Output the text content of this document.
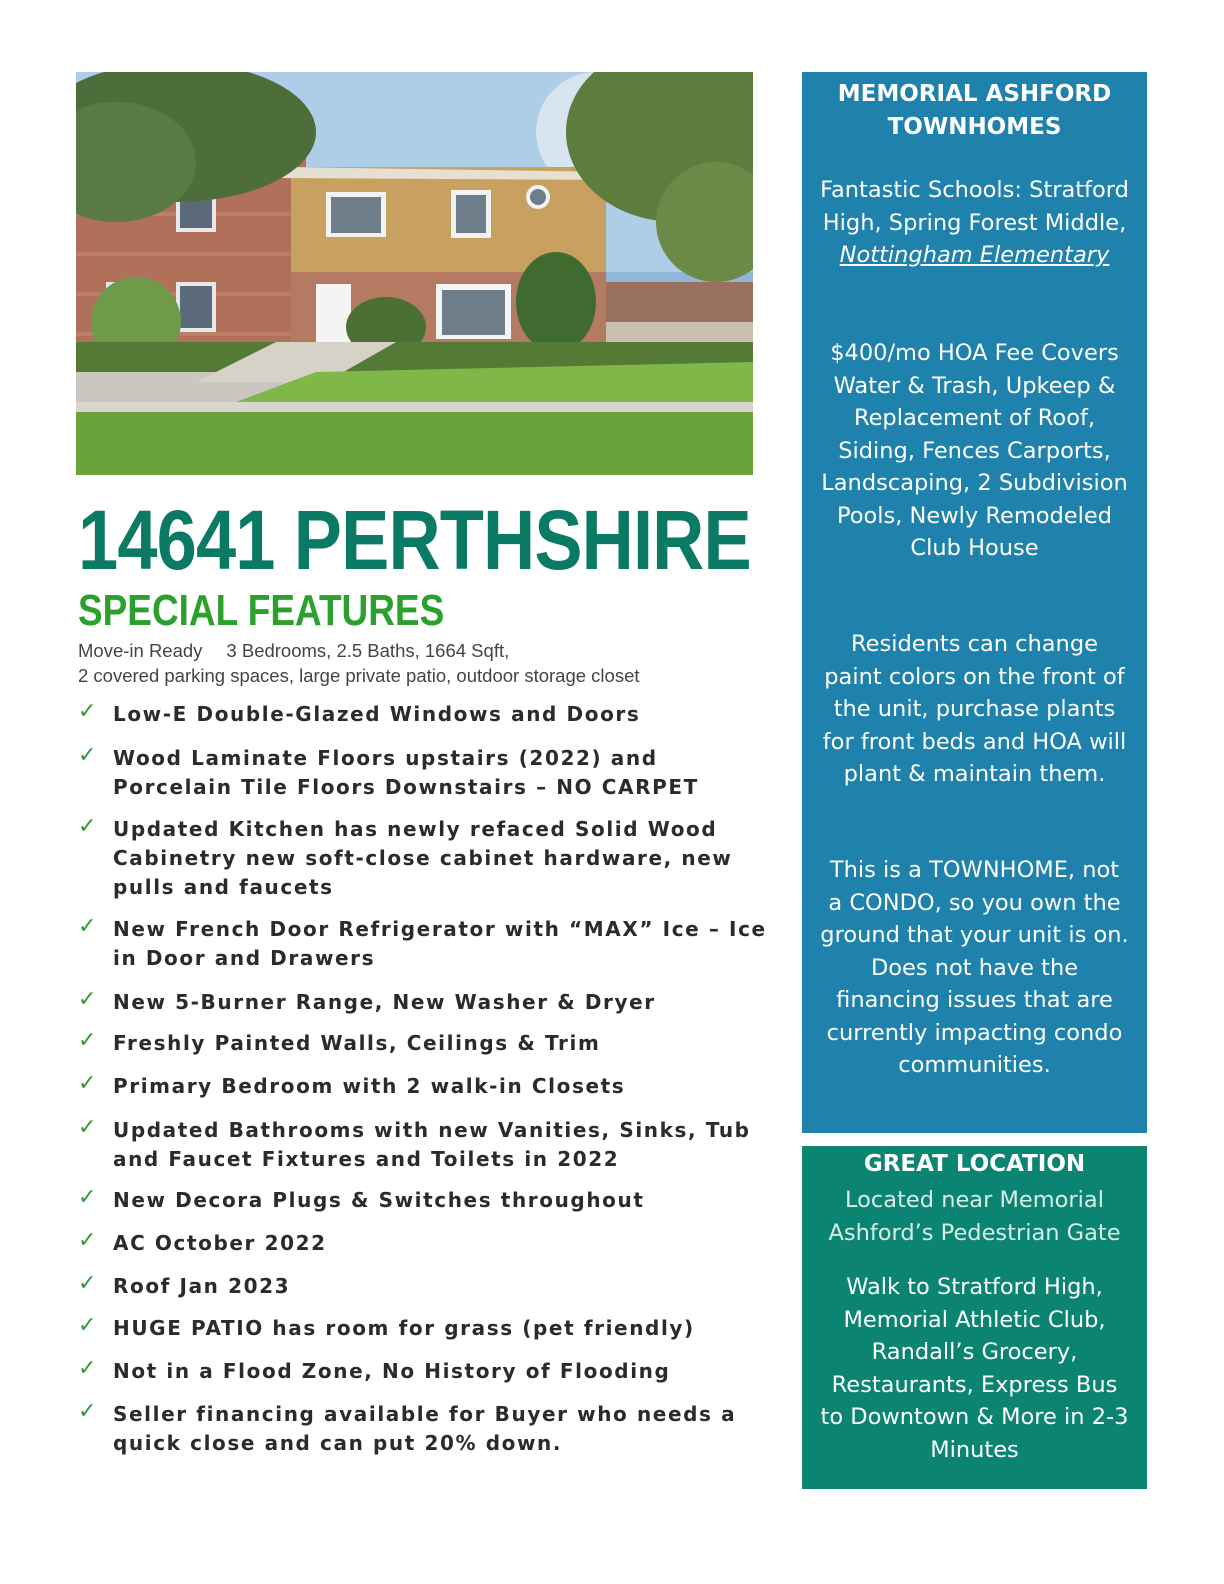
14641 PERTHSHIRE
SPECIAL FEATURES
Move-in Ready 3 Bedrooms, 2.5 Baths, 1664 Sqft,
2 covered parking spaces, large private patio, outdoor storage closet
✓ Low-E Double-Glazed Windows and Doors
✓ Wood Laminate Floors upstairs (2022) and Porcelain Tile Floors Downstairs – NO CARPET
✓ Updated Kitchen has newly refaced Solid Wood Cabinetry new soft-close cabinet hardware, new pulls and faucets
✓ New French Door Refrigerator with “MAX” Ice – Ice in Door and Drawers
✓ New 5-Burner Range, New Washer & Dryer
✓ Freshly Painted Walls, Ceilings & Trim
✓ Primary Bedroom with 2 walk-in Closets
✓ Updated Bathrooms with new Vanities, Sinks, Tub and Faucet Fixtures and Toilets in 2022
✓ New Decora Plugs & Switches throughout
✓ AC October 2022
✓ Roof Jan 2023
✓ HUGE PATIO has room for grass (pet friendly)
✓ Not in a Flood Zone, No History of Flooding
✓ Seller financing available for Buyer who needs a quick close and can put 20% down.
MEMORIAL ASHFORD TOWNHOMES
Fantastic Schools: Stratford High, Spring Forest Middle,
Nottingham Elementary
$400/mo HOA Fee Covers Water & Trash, Upkeep & Replacement of Roof, Siding, Fences Carports, Landscaping, 2 Subdivision Pools, Newly Remodeled Club House
Residents can change paint colors on the front of the unit, purchase plants for front beds and HOA will plant & maintain them.
This is a TOWNHOME, not a CONDO, so you own the ground that your unit is on. Does not have the financing issues that are currently impacting condo communities.
GREAT LOCATION
Located near Memorial Ashford’s Pedestrian Gate
Walk to Stratford High, Memorial Athletic Club, Randall’s Grocery, Restaurants, Express Bus to Downtown & More in 2-3 Minutes
